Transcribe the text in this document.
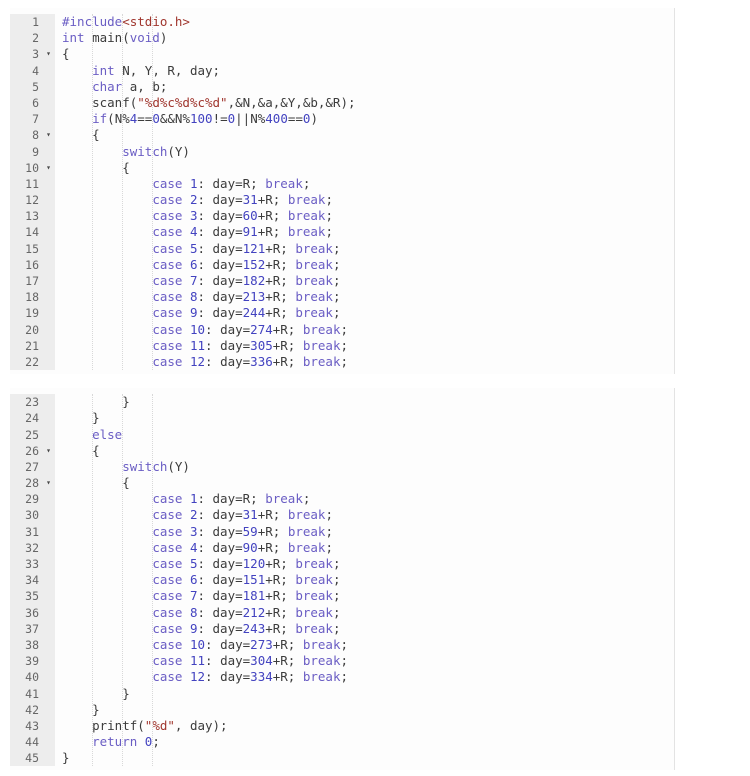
1	#include<stdio.h>
2	int main(void)
3 ▾ {
4	int N, Y, R, day;
5	char a, b;
6	scanf("%d%c%d%c%d",&N,&a,&Y,&b,&R);
7	if(N%4==0&&N%100!=0||N%400==0)
8 ▾ {
9	switch(Y)
10 ▾ {
11	case 1: day=R; break;
12	case 2: day=31+R; break;
13	case 3: day=60+R; break;
14	case 4: day=91+R; break;
15	case 5: day=121+R; break;
16	case 6: day=152+R; break;
17	case 7: day=182+R; break;
18	case 8: day=213+R; break;
19	case 9: day=244+R; break;
20	case 10: day=274+R; break;
21	case 11: day=305+R; break;
22	case 12: day=336+R; break;
23	}
24	}
25	else
26 ▾ {
27	switch(Y)
28 ▾ {
29	case 1: day=R; break;
30	case 2: day=31+R; break;
31	case 3: day=59+R; break;
32	case 4: day=90+R; break;
33	case 5: day=120+R; break;
34	case 6: day=151+R; break;
35	case 7: day=181+R; break;
36	case 8: day=212+R; break;
37	case 9: day=243+R; break;
38	case 10: day=273+R; break;
39	case 11: day=304+R; break;
40	case 12: day=334+R; break;
41	}
42	}
43	printf("%d", day);
44	return 0;
45	}
